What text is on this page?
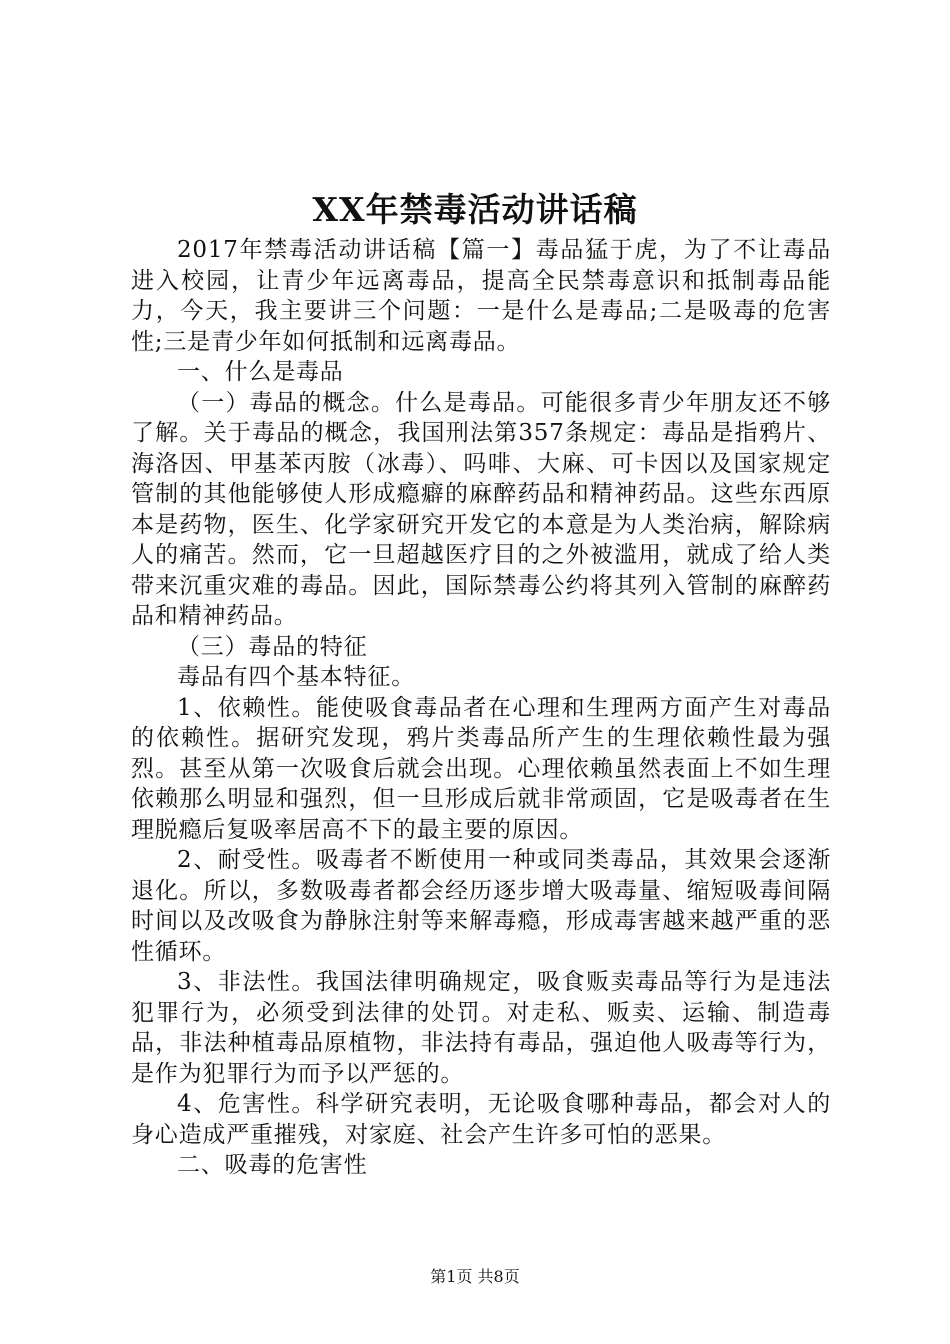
XX年禁毒活动讲话稿

2017年禁毒活动讲话稿【篇一】毒品猛于虎，为了不让毒品进入校园，让青少年远离毒品，提高全民禁毒意识和抵制毒品能力，今天，我主要讲三个问题：一是什么是毒品;二是吸毒的危害性;三是青少年如何抵制和远离毒品。

一、什么是毒品

（一）毒品的概念。什么是毒品。可能很多青少年朋友还不够了解。关于毒品的概念，我国刑法第357条规定：毒品是指鸦片、海洛因、甲基苯丙胺（冰毒）、吗啡、大麻、可卡因以及国家规定管制的其他能够使人形成瘾癖的麻醉药品和精神药品。这些东西原本是药物，医生、化学家研究开发它的本意是为人类治病，解除病人的痛苦。然而，它一旦超越医疗目的之外被滥用，就成了给人类带来沉重灾难的毒品。因此，国际禁毒公约将其列入管制的麻醉药品和精神药品。

（三）毒品的特征

毒品有四个基本特征。

1、依赖性。能使吸食毒品者在心理和生理两方面产生对毒品的依赖性。据研究发现，鸦片类毒品所产生的生理依赖性最为强烈。甚至从第一次吸食后就会出现。心理依赖虽然表面上不如生理依赖那么明显和强烈，但一旦形成后就非常顽固，它是吸毒者在生理脱瘾后复吸率居高不下的最主要的原因。

2、耐受性。吸毒者不断使用一种或同类毒品，其效果会逐渐退化。所以，多数吸毒者都会经历逐步增大吸毒量、缩短吸毒间隔时间以及改吸食为静脉注射等来解毒瘾，形成毒害越来越严重的恶性循环。

3、非法性。我国法律明确规定，吸食贩卖毒品等行为是违法犯罪行为，必须受到法律的处罚。对走私、贩卖、运输、制造毒品，非法种植毒品原植物，非法持有毒品，强迫他人吸毒等行为，是作为犯罪行为而予以严惩的。

4、危害性。科学研究表明，无论吸食哪种毒品，都会对人的身心造成严重摧残，对家庭、社会产生许多可怕的恶果。

二、吸毒的危害性

第1页 共8页
